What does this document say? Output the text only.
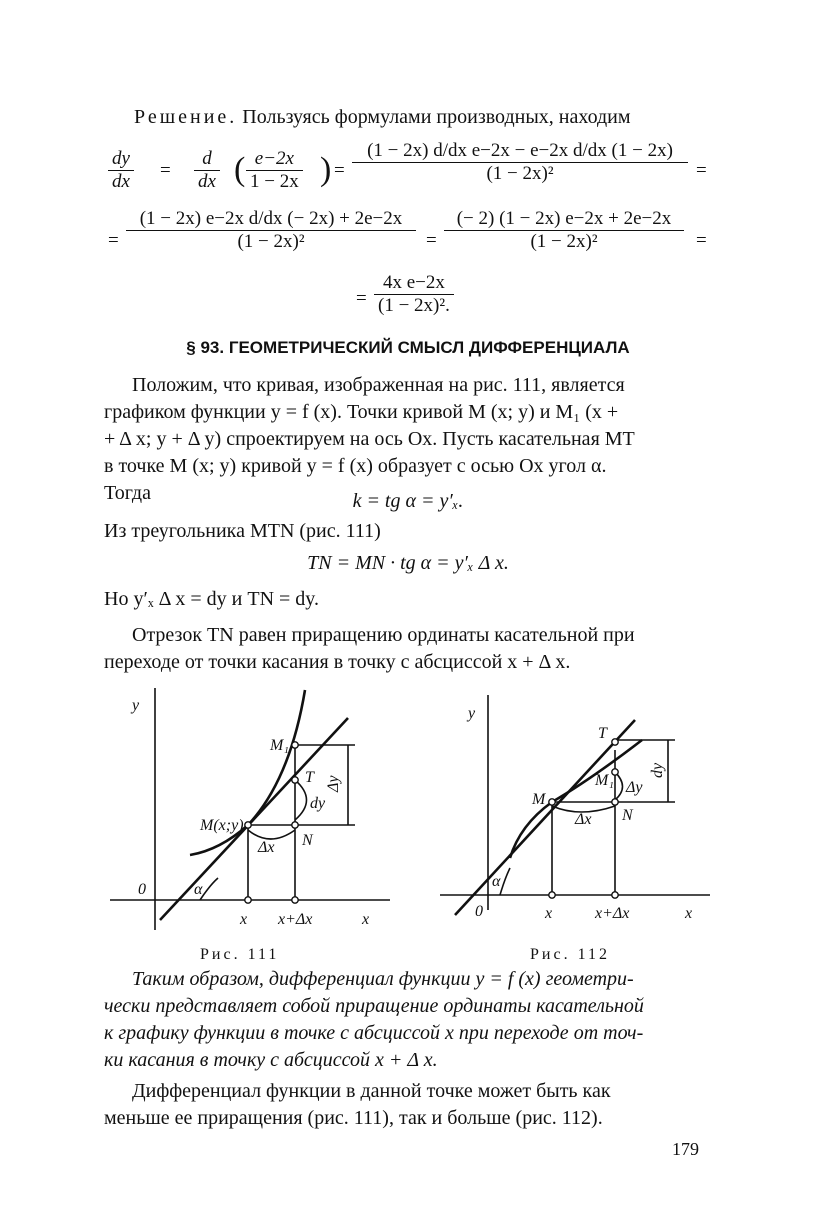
Решение. Пользуясь формулами производных, находим
$\frac{dy}{dx} = \frac{d}{dx}$ ( $\frac{e-2x}{1 - 2x}$ ) = $\frac{\text{(1 − 2x) d/dx e−2x − e−2x d/dx (1 − 2x)}}{\text{(1 − 2x)²}}$ =
= $\frac{\text{(1 − 2x) e−2x d/dx (− 2x) + 2e−2x}}{\text{(1 − 2x)²}} = \frac{(- 2) (1 - 2x) e-2x + 2e-2x}{\text{(1 − 2x)²}}$ =
= $\frac{\text{4x e−2x}}{\text{(1 − 2x)².}}$
§ 93. ГЕОМЕТРИЧЕСКИЙ СМЫСЛ ДИФФЕРЕНЦИАЛА
Положим, что кривая, изображенная на рис. 111, является
графиком функции y = f (x). Точки кривой M (x; y) и M₁ (x +
+ Δ x; y + Δ y) спроектируем на ось Ox. Пусть касательная MT
в точке M (x; y) кривой y = f (x) образует с осью Ox угол α.
Тогда	k = tg α = y′ₓ.
Из треугольника MTN (рис. 111)
TN = MN · tg α = y′ₓ Δ x.
Но y′ₓ Δ x = dy и TN = dy.
Отрезок TN равен приращению ординаты касательной при
переходе от точки касания в точку с абсциссой x + Δ x.
y
0
x
x x+Δx
M₁
T
M(x;y)
N
dy
Δy
Δx
α
Рис. 111
y
0	x
x	x+Δx
T
M₁
M
N
Δy
dy
Δx
α
Рис. 112
Таким образом, дифференциал функции y = f (x) геометри-
чески представляет собой приращение ординаты касательной
к графику функции в точке с абсциссой x при переходе от точ-
ки касания в точку с абсциссой x + Δ x.
Дифференциал функции в данной точке может быть как
меньше ее приращения (рис. 111), так и больше (рис. 112).
179
